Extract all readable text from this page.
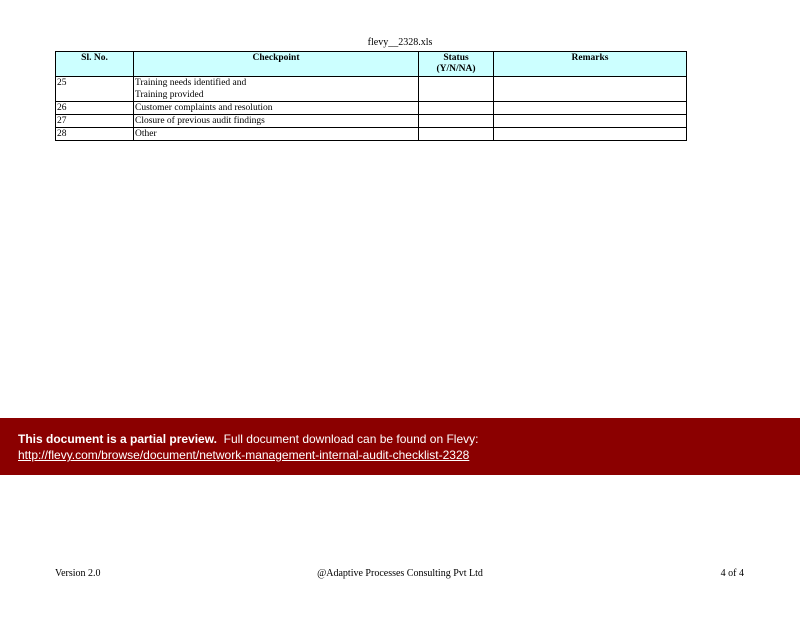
flevy__2328.xls
Sl. No.	Checkpoint	Status (Y/N/NA)	Remarks
25	Training needs identified and
Training provided		

26	Customer complaints and resolution		
27	Closure of previous audit findings		
28	Other		
This document is a partial preview. Full document download can be found on Flevy:
http://flevy.com/browse/document/network-management-internal-audit-checklist-2328
Version 2.0	@Adaptive Processes Consulting Pvt Ltd	4 of 4
